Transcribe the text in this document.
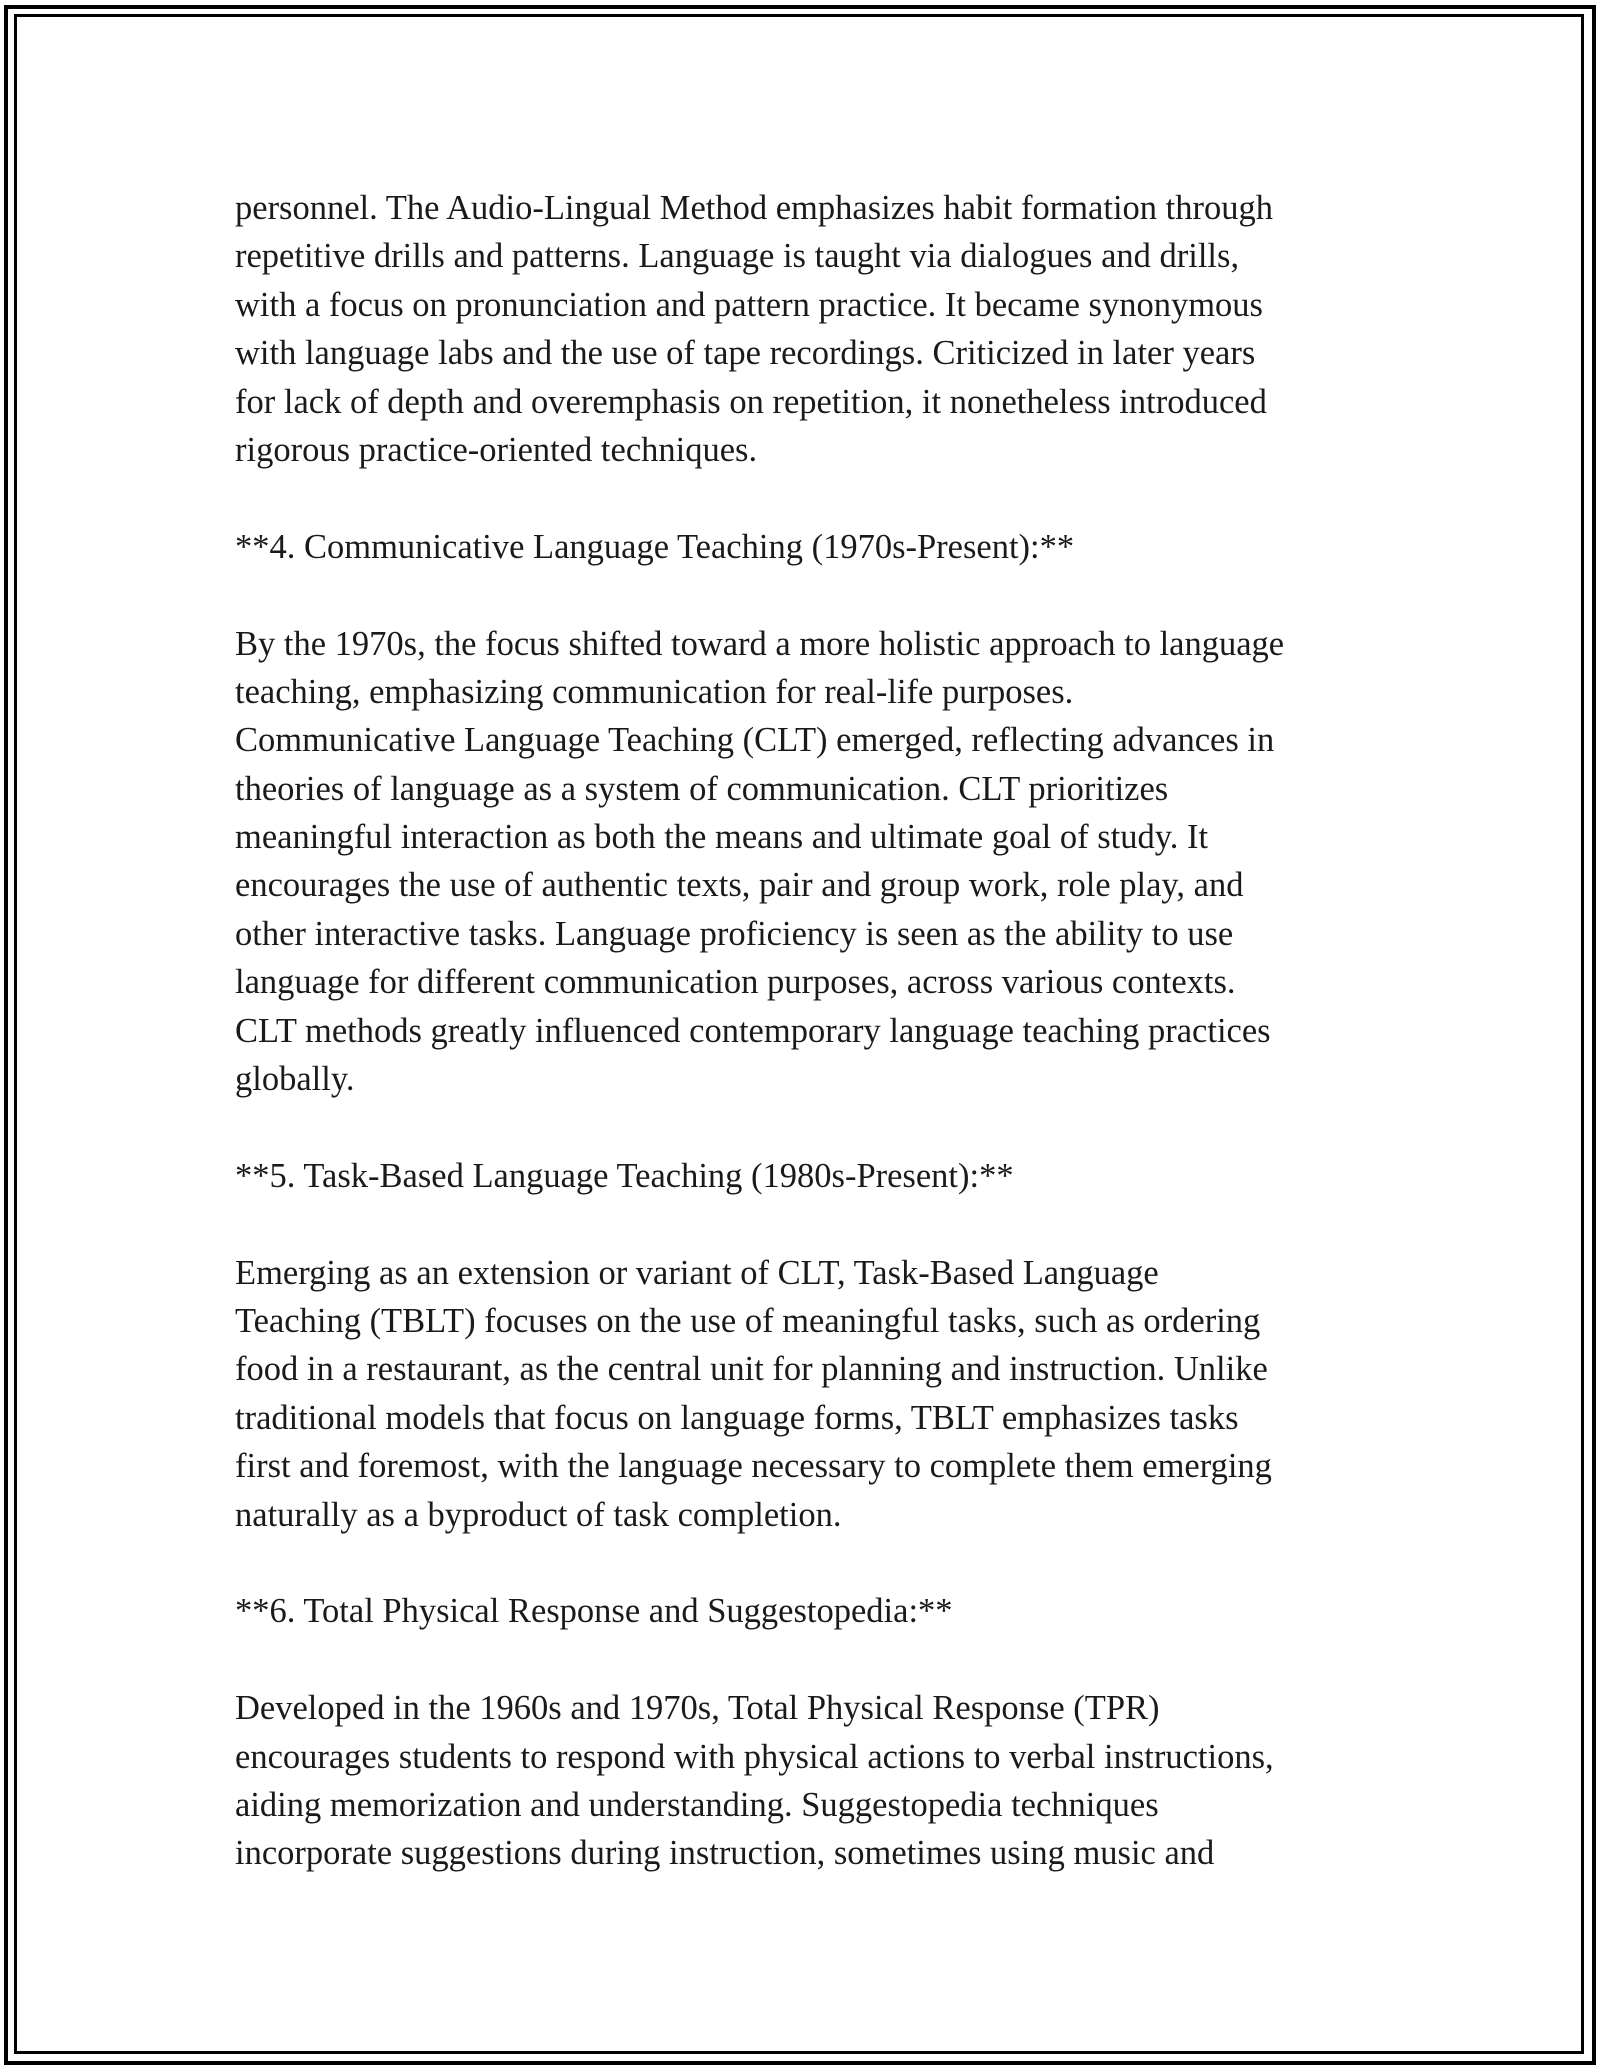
personnel. The Audio-Lingual Method emphasizes habit formation through
repetitive drills and patterns. Language is taught via dialogues and drills,
with a focus on pronunciation and pattern practice. It became synonymous
with language labs and the use of tape recordings. Criticized in later years
for lack of depth and overemphasis on repetition, it nonetheless introduced
rigorous practice-oriented techniques.
**4. Communicative Language Teaching (1970s-Present):**
By the 1970s, the focus shifted toward a more holistic approach to language
teaching, emphasizing communication for real-life purposes.
Communicative Language Teaching (CLT) emerged, reflecting advances in
theories of language as a system of communication. CLT prioritizes
meaningful interaction as both the means and ultimate goal of study. It
encourages the use of authentic texts, pair and group work, role play, and
other interactive tasks. Language proficiency is seen as the ability to use
language for different communication purposes, across various contexts.
CLT methods greatly influenced contemporary language teaching practices
globally.
**5. Task-Based Language Teaching (1980s-Present):**
Emerging as an extension or variant of CLT, Task-Based Language
Teaching (TBLT) focuses on the use of meaningful tasks, such as ordering
food in a restaurant, as the central unit for planning and instruction. Unlike
traditional models that focus on language forms, TBLT emphasizes tasks
first and foremost, with the language necessary to complete them emerging
naturally as a byproduct of task completion.
**6. Total Physical Response and Suggestopedia:**
Developed in the 1960s and 1970s, Total Physical Response (TPR)
encourages students to respond with physical actions to verbal instructions,
aiding memorization and understanding. Suggestopedia techniques
incorporate suggestions during instruction, sometimes using music and
